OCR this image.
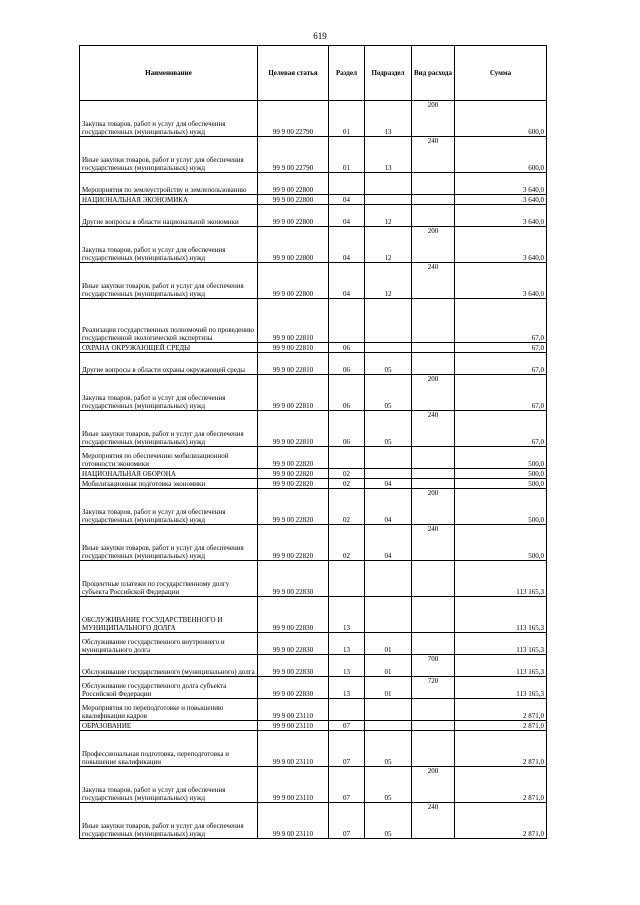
619
Наименование	Целевая статья	Раздел	Подраздел	Вид расхода	Сумма
Закупка товаров, работ и услуг для обеспечения государственных (муниципальных) нужд	99 9 00 22790	01	13	200	600,0
Иные закупки товаров, работ и услуг для обеспечения государственных (муниципальных) нужд	99 9 00 22790	01	13	240	600,0
Мероприятия по землеустройству и землепользованию	99 9 00 22800				3 640,0
НАЦИОНАЛЬНАЯ ЭКОНОМИКА	99 9 00 22800	04			3 640,0
Другие вопросы в области национальной экономики	99 9 00 22800	04	12		3 640,0
Закупка товаров, работ и услуг для обеспечения государственных (муниципальных) нужд	99 9 00 22800	04	12	200	3 640,0
Иные закупки товаров, работ и услуг для обеспечения государственных (муниципальных) нужд	99 9 00 22800	04	12	240	3 640,0
Реализация государственных полномочий по проведению государственной экологической экспертизы	99 9 00 22810				67,0
ОХРАНА ОКРУЖАЮЩЕЙ СРЕДЫ	99 9 00 22810	06			67,0
Другие вопросы в области охраны окружающей среды	99 9 00 22810	06	05		67,0
Закупка товаров, работ и услуг для обеспечения государственных (муниципальных) нужд	99 9 00 22810	06	05	200	67,0
Иные закупки товаров, работ и услуг для обеспечения государственных (муниципальных) нужд	99 9 00 22810	06	05	240	67,0
Мероприятия по обеспечению мобилизационной готовности экономики	99 9 00 22820				500,0
НАЦИОНАЛЬНАЯ ОБОРОНА	99 9 00 22820	02			500,0
Мобилизационная подготовка экономики	99 9 00 22820	02	04		500,0
Закупка товаров, работ и услуг для обеспечения государственных (муниципальных) нужд	99 9 00 22820	02	04	200	500,0
Иные закупки товаров, работ и услуг для обеспечения государственных (муниципальных) нужд	99 9 00 22820	02	04	240	500,0
Процентные платежи по государственному долгу субъекта Российской Федерации	99 9 00 22830				113 165,3
ОБСЛУЖИВАНИЕ ГОСУДАРСТВЕННОГО И МУНИЦИПАЛЬНОГО ДОЛГА	99 9 00 22830	13			113 165,3
Обслуживание государственного внутреннего и муниципального долга	99 9 00 22830	13	01		113 165,3
Обслуживание государственного (муниципального) долга	99 9 00 22830	13	01	700	113 165,3
Обслуживание государственного долга субъекта Российской Федерации	99 9 00 22830	13	01	720	113 165,3
Мероприятия по переподготовке и повышению квалификации кадров	99 9 00 23110				2 871,0
ОБРАЗОВАНИЕ	99 9 00 23110	07			2 871,0
Профессиональная подготовка, переподготовка и повышение квалификации	99 9 00 23110	07	05		2 871,0
Закупка товаров, работ и услуг для обеспечения государственных (муниципальных) нужд	99 9 00 23110	07	05	200	2 871,0
Иные закупки товаров, работ и услуг для обеспечения государственных (муниципальных) нужд	99 9 00 23110	07	05	240	2 871,0
